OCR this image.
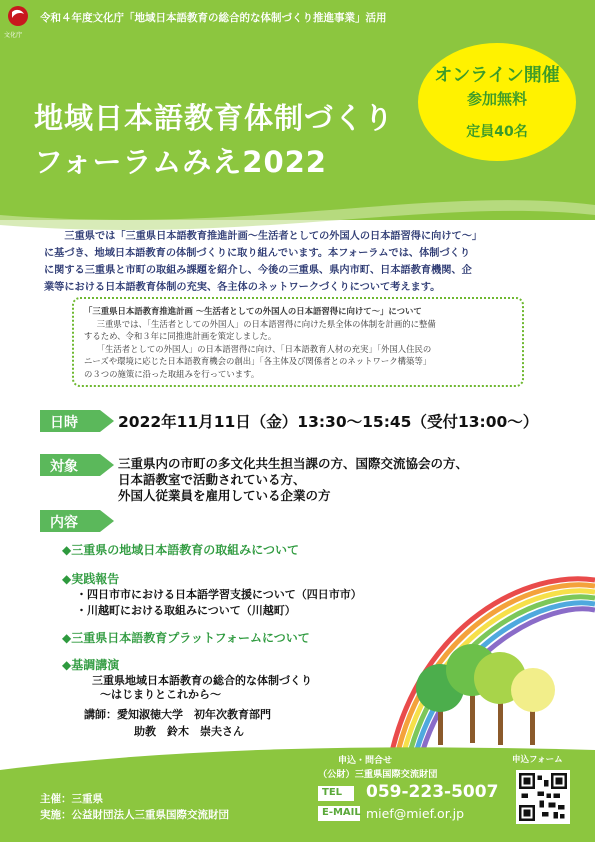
文化庁
令和４年度文化庁「地域日本語教育の総合的な体制づくり推進事業」活用
地域日本語教育体制づくり
フォーラムみえ2022
オンライン開催
参加無料
定員40名

三重県では「三重県日本語教育推進計画〜生活者としての外国人の日本語習得に向けて〜」

に基づき、地域日本語教育の体制づくりに取り組んでいます。本フォーラムでは、体制づくり
に関する三重県と市町の取組み課題を紹介し、今後の三重県、県内市町、日本語教育機関、企
業等における日本語教育体制の充実、各主体のネットワークづくりについて考えます。
「三重県日本語教育推進計画 〜生活者としての外国人の日本語習得に向けて〜」について
三重県では、「生活者としての外国人」の日本語習得に向けた県全体の体制を計画的に整備
するため、令和３年に同推進計画を策定しました。
「生活者としての外国人」の日本語習得に向け、「日本語教育人材の充実」「外国人住民の
ニーズや環境に応じた日本語教育機会の創出」「各主体及び関係者とのネットワーク構築等」
の３つの施策に沿った取組みを行っています。
日時	2022年11月11日（金）13:30〜15:45（受付13:00〜）
対象	三重県内の市町の多文化共生担当課の方、国際交流協会の方、
日本語教室で活動されている方、
外国人従業員を雇用している企業の方
内容
◆三重県の地域日本語教育の取組みについて
◆実践報告
・四日市市における日本語学習支援について（四日市市）
・川越町における取組みについて（川越町）
◆三重県日本語教育プラットフォームについて
◆基調講演
三重県地域日本語教育の総合的な体制づくり
〜はじまりとこれから〜
講師：愛知淑徳大学　初年次教育部門
助教　鈴木　崇夫さん
主催：三重県
実施：公益財団法人三重県国際交流財団
申込・問合せ
（公財）三重県国際交流財団
TEL	059-223-5007
E-MAIL mief@mief.or.jp
申込フォーム
